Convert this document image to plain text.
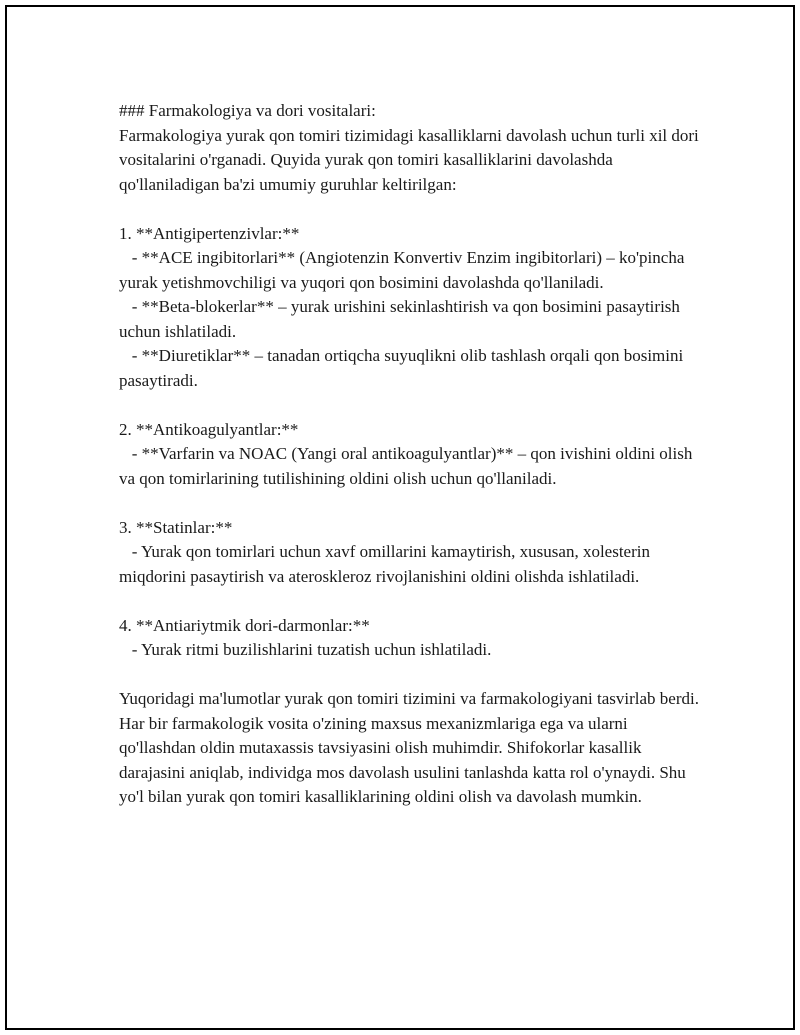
### Farmakologiya va dori vositalari:

Farmakologiya yurak qon tomiri tizimidagi kasalliklarni davolash uchun turli xil dori vositalarini o'rganadi. Quyida yurak qon tomiri kasalliklarini davolashda qo'llaniladigan ba'zi umumiy guruhlar keltirilgan:

1. **Antigipertenzivlar:**

- **ACE ingibitorlari** (Angiotenzin Konvertiv Enzim ingibitorlari) – ko'pincha yurak yetishmovchiligi va yuqori qon bosimini davolashda qo'llaniladi.

- **Beta-blokerlar** – yurak urishini sekinlashtirish va qon bosimini pasaytirish uchun ishlatiladi.

- **Diuretiklar** – tanadan ortiqcha suyuqlikni olib tashlash orqali qon bosimini pasaytiradi.

2. **Antikoagulyantlar:**

- **Varfarin va NOAC (Yangi oral antikoagulyantlar)** – qon ivishini oldini olish va qon tomirlarining tutilishining oldini olish uchun qo'llaniladi.

3. **Statinlar:**

- Yurak qon tomirlari uchun xavf omillarini kamaytirish, xususan, xolesterin miqdorini pasaytirish va ateroskleroz rivojlanishini oldini olishda ishlatiladi.

4. **Antiariytmik dori-darmonlar:**

- Yurak ritmi buzilishlarini tuzatish uchun ishlatiladi.

Yuqoridagi ma'lumotlar yurak qon tomiri tizimini va farmakologiyani tasvirlab berdi. Har bir farmakologik vosita o'zining maxsus mexanizmlariga ega va ularni qo'llashdan oldin mutaxassis tavsiyasini olish muhimdir. Shifokorlar kasallik darajasini aniqlab, individga mos davolash usulini tanlashda katta rol o'ynaydi. Shu yo'l bilan yurak qon tomiri kasalliklarining oldini olish va davolash mumkin.
